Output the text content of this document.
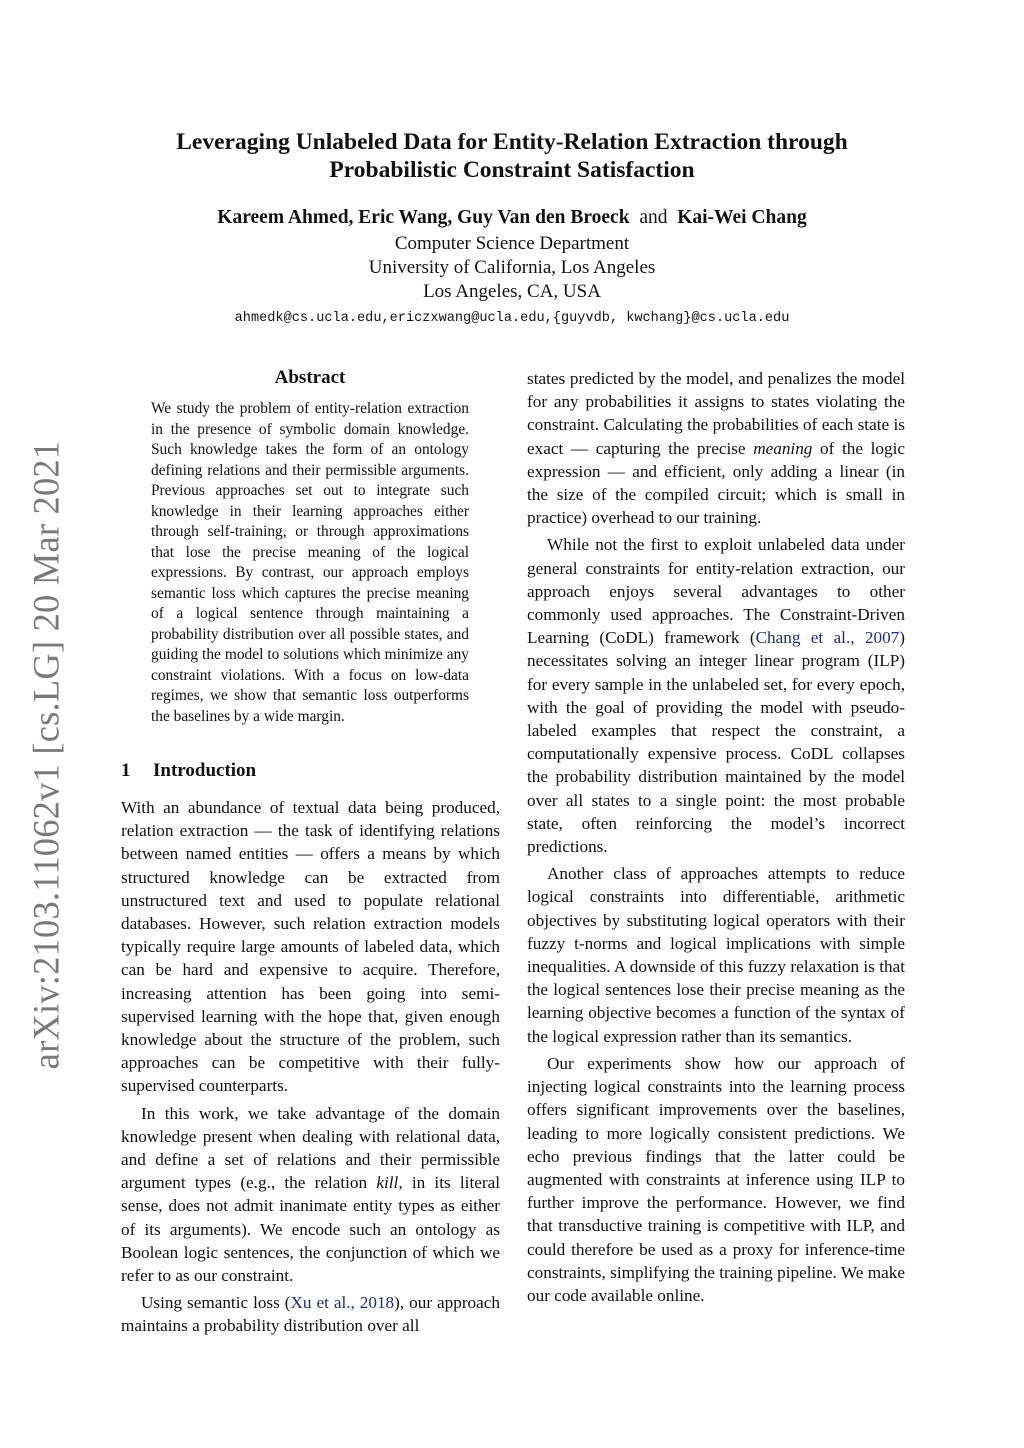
arXiv:2103.11062v1 [cs.LG] 20 Mar 2021
Leveraging Unlabeled Data for Entity-Relation Extraction through Probabilistic Constraint Satisfaction
Kareem Ahmed, Eric Wang, Guy Van den Broeck and Kai-Wei Chang
Computer Science Department
University of California, Los Angeles
Los Angeles, CA, USA
ahmedk@cs.ucla.edu,ericzxwang@ucla.edu,{guyvdb, kwchang}@cs.ucla.edu
Abstract

We study the problem of entity-relation extraction in the presence of symbolic domain knowledge. Such knowledge takes the form of an ontology defining relations and their permissible arguments. Previous approaches set out to integrate such knowledge in their learning approaches either through self-training, or through approximations that lose the precise meaning of the logical expressions. By contrast, our approach employs semantic loss which captures the precise meaning of a logical sentence through maintaining a probability distribution over all possible states, and guiding the model to solutions which minimize any constraint violations. With a focus on low-data regimes, we show that semantic loss outperforms the baselines by a wide margin.

1 Introduction

With an abundance of textual data being produced, relation extraction — the task of identifying relations between named entities — offers a means by which structured knowledge can be extracted from unstructured text and used to populate relational databases. However, such relation extraction models typically require large amounts of labeled data, which can be hard and expensive to acquire. Therefore, increasing attention has been going into semi-supervised learning with the hope that, given enough knowledge about the structure of the problem, such approaches can be competitive with their fully-supervised counterparts.

In this work, we take advantage of the domain knowledge present when dealing with relational data, and define a set of relations and their permissible argument types (e.g., the relation kill, in its literal sense, does not admit inanimate entity types as either of its arguments). We encode such an ontology as Boolean logic sentences, the conjunction of which we refer to as our constraint.

Using semantic loss (Xu et al., 2018), our approach maintains a probability distribution over all

states predicted by the model, and penalizes the model for any probabilities it assigns to states violating the constraint. Calculating the probabilities of each state is exact — capturing the precise meaning of the logic expression — and efficient, only adding a linear (in the size of the compiled circuit; which is small in practice) overhead to our training.

While not the first to exploit unlabeled data under general constraints for entity-relation extraction, our approach enjoys several advantages to other commonly used approaches. The Constraint-Driven Learning (CoDL) framework (Chang et al., 2007) necessitates solving an integer linear program (ILP) for every sample in the unlabeled set, for every epoch, with the goal of providing the model with pseudo-labeled examples that respect the constraint, a computationally expensive process. CoDL collapses the probability distribution maintained by the model over all states to a single point: the most probable state, often reinforcing the model’s incorrect predictions.

Another class of approaches attempts to reduce logical constraints into differentiable, arithmetic objectives by substituting logical operators with their fuzzy t-norms and logical implications with simple inequalities. A downside of this fuzzy relaxation is that the logical sentences lose their precise meaning as the learning objective becomes a function of the syntax of the logical expression rather than its semantics.

Our experiments show how our approach of injecting logical constraints into the learning process offers significant improvements over the baselines, leading to more logically consistent predictions. We echo previous findings that the latter could be augmented with constraints at inference using ILP to further improve the performance. However, we find that transductive training is competitive with ILP, and could therefore be used as a proxy for inference-time constraints, simplifying the training pipeline. We make our code available online.
